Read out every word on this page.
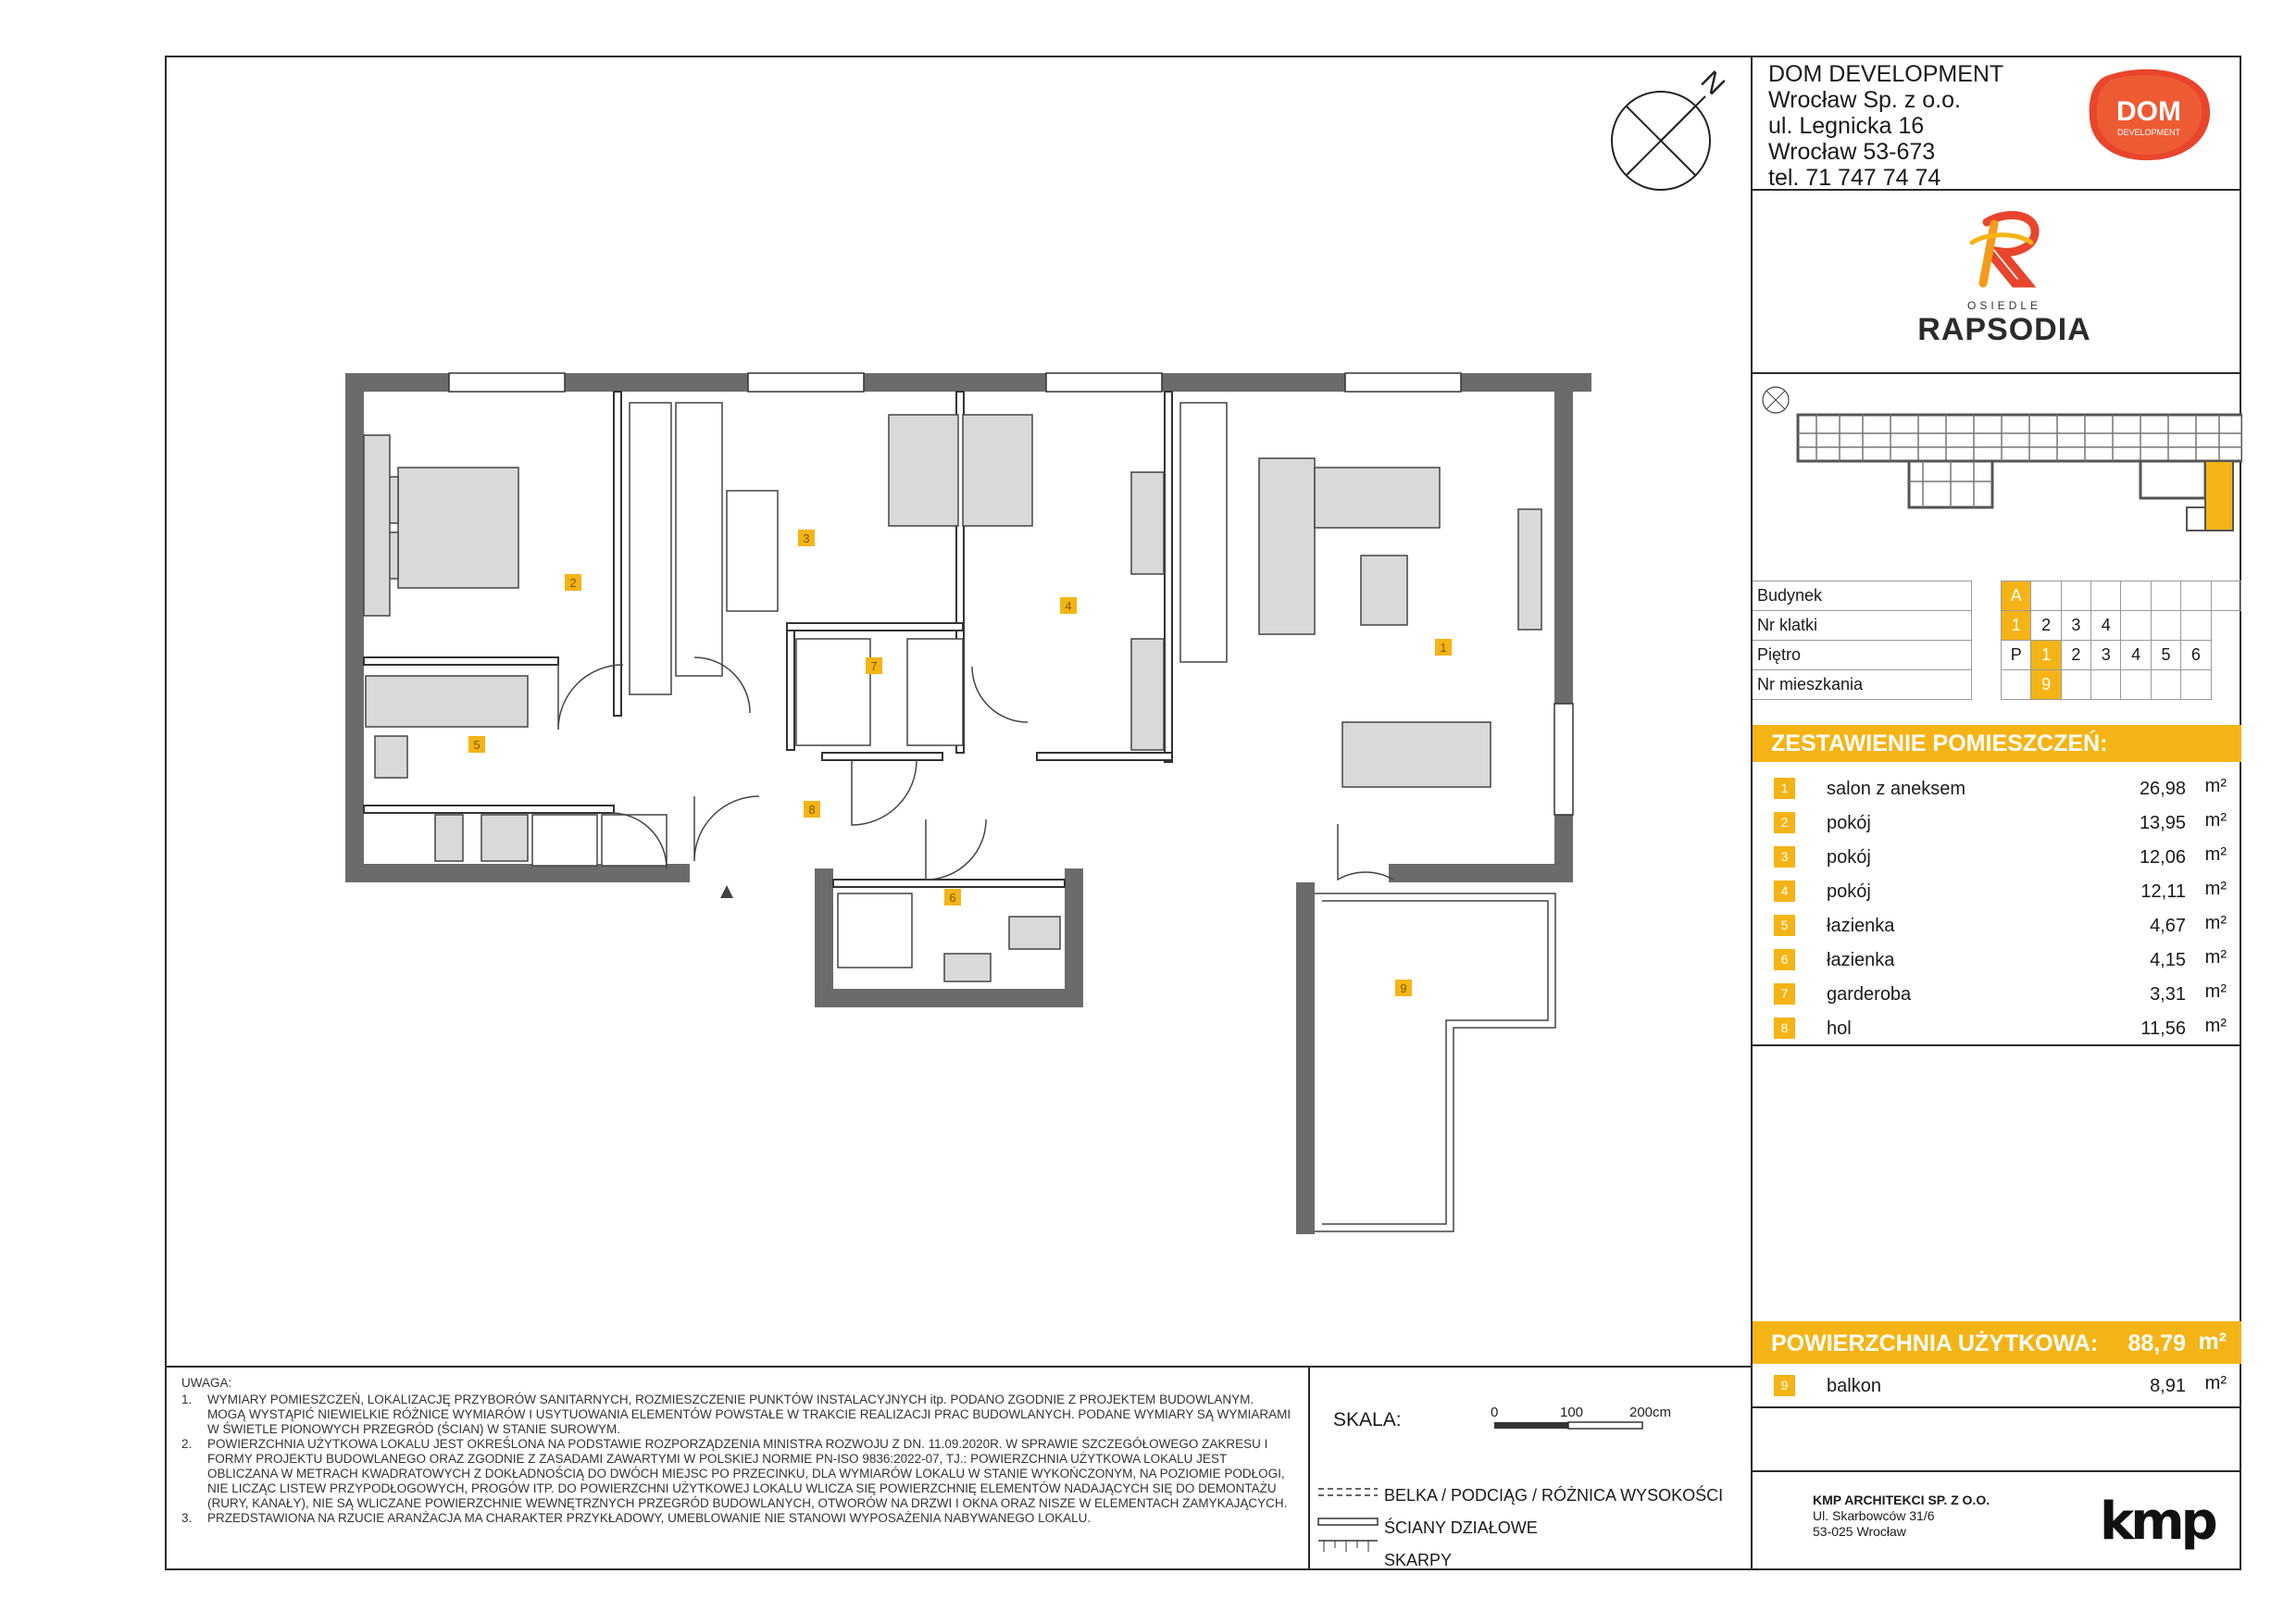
DOM DEVELOPMENT
Wrocław Sp. z o.o.
ul. Legnicka 16
Wrocław 53-673
tel. 71 747 74 74
DOM
DEVELOPMENT
OSIEDLE
RAPSODIA
N
Budynek		A							
Nr klatki		1	2	3	4				
Piętro		P	1	2	3	4	5	6	
Nr mieszkania			9						
ZESTAWIENIE POMIESZCZEŃ:
1	salon z aneksem	26,98 m²
2	pokój	13,95 m²
3	pokój	12,06 m²
4	pokój	12,11 m²
5	łazienka	4,67 m²
6	łazienka	4,15 m²
7	garderoba	3,31 m²
8	hol	11,56 m²
POWIERZCHNIA UŻYTKOWA: 88,79 m²
9	balkon	8,91 m²
UWAGA:
1. WYMIARY POMIESZCZEŃ, LOKALIZACJĘ PRZYBORÓW SANITARNYCH, ROZMIESZCZENIE PUNKTÓW INSTALACYJNYCH itp. PODANO ZGODNIE Z PROJEKTEM BUDOWLANYM. MOGĄ WYSTĄPIĆ NIEWIELKIE RÓŻNICE WYMIARÓW I USYTUOWANIA ELEMENTÓW POWSTAŁE W TRAKCIE REALIZACJI PRAC BUDOWLANYCH. PODANE WYMIARY SĄ WYMIARAMI W ŚWIETLE PIONOWYCH PRZEGRÓD (ŚCIAN) W STANIE SUROWYM.
2. POWIERZCHNIA UŻYTKOWA LOKALU JEST OKREŚLONA NA PODSTAWIE ROZPORZĄDZENIA MINISTRA ROZWOJU Z DN. 11.09.2020R. W SPRAWIE SZCZEGÓŁOWEGO ZAKRESU I FORMY PROJEKTU BUDOWLANEGO ORAZ ZGODNIE Z ZASADAMI ZAWARTYMI W POLSKIEJ NORMIE PN-ISO 9836:2022-07, TJ.: POWIERZCHNIA UŻYTKOWA LOKALU JEST OBLICZANA W METRACH KWADRATOWYCH Z DOKŁADNOŚCIĄ DO DWÓCH MIEJSC PO PRZECINKU, DLA WYMIARÓW LOKALU W STANIE WYKOŃCZONYM, NA POZIOMIE PODŁOGI, NIE LICZĄC LISTEW PRZYPODŁOGOWYCH, PROGÓW ITP. DO POWIERZCHNI UŻYTKOWEJ LOKALU WLICZA SIĘ POWIERZCHNIĘ ELEMENTÓW NADAJĄCYCH SIĘ DO DEMONTAŻU (RURY, KANAŁY), NIE SĄ WLICZANE POWIERZCHNIE WEWNĘTRZNYCH PRZEGRÓD BUDOWLANYCH, OTWORÓW NA DRZWI I OKNA ORAZ NISZE W ELEMENTACH ZAMYKAJĄCYCH.
3. PRZEDSTAWIONA NA RZUCIE ARANŻACJA MA CHARAKTER PRZYKŁADOWY, UMEBLOWANIE NIE STANOWI WYPOSAŻENIA NABYWANEGO LOKALU.
SKALA:	0	100	200cm
BELKA / PODCIĄG / RÓŻNICA WYSOKOŚCI
ŚCIANY DZIAŁOWE
SKARPY
KMP ARCHITEKCI SP. Z O.O.
Ul. Skarbowców 31/6
53-025 Wrocław	kmp
1
2
3
4
5
6
7
8
9
